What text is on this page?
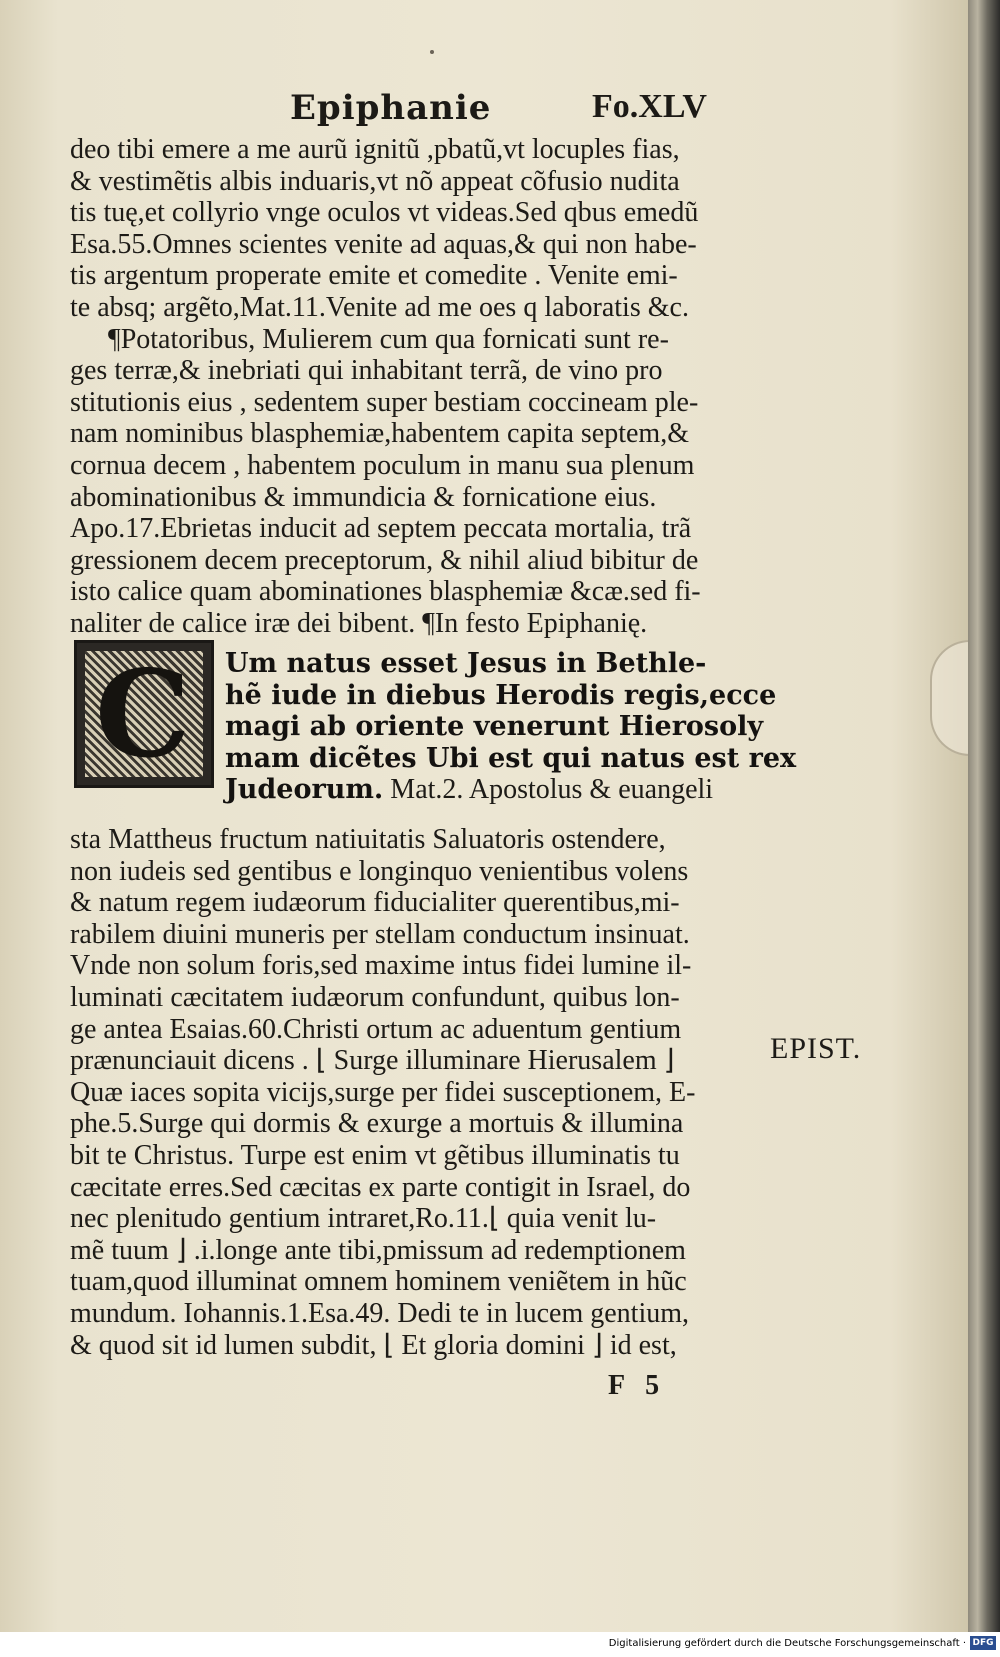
Epiphanie	Fo.XLV
deo tibi emere a me aurũ ignitũ ,pbatũ,vt locuples fias,
& vestimẽtis albis induaris,vt nõ appeat cõfusio nudita
tis tuę,et collyrio vnge oculos vt videas.Sed qbus emedũ
Esa.55.Omnes scientes venite ad aquas,& qui non habe-
tis argentum properate emite et comedite . Venite emi-
te absq; argẽto,Mat.11.Venite ad me oes q laboratis &c.
¶Potatoribus, Mulierem cum qua fornicati sunt re-
ges terræ,& inebriati qui inhabitant terrã, de vino pro
stitutionis eius , sedentem super bestiam coccineam ple-
nam nominibus blasphemiæ,habentem capita septem,&
cornua decem , habentem poculum in manu sua plenum
abominationibus & immundicia & fornicatione eius.
Apo.17.Ebrietas inducit ad septem peccata mortalia, trã
gressionem decem preceptorum, & nihil aliud bibitur de
isto calice quam abominationes blasphemiæ &cæ.sed fi-
naliter de calice iræ dei bibent. ¶In festo Epiphanię.
C Um natus esset Jesus in Bethle-
hẽ iude in diebus Herodis regis,ecce
magi ab oriente venerunt Hierosoly
mam dicẽtes Ubi est qui natus est rex
Judeorum. Mat.2. Apostolus & euangeli
sta Mattheus fructum natiuitatis Saluatoris ostendere,
non iudeis sed gentibus e longinquo venientibus volens
& natum regem iudæorum fiducialiter querentibus,mi-
rabilem diuini muneris per stellam conductum insinuat.
Vnde non solum foris,sed maxime intus fidei lumine il-
luminati cæcitatem iudæorum confundunt, quibus lon-
ge antea Esaias.60.Christi ortum ac aduentum gentium
prænunciauit dicens . ⌊ Surge illuminare Hierusalem ⌋
Quæ iaces sopita vicijs,surge per fidei susceptionem, E-
phe.5.Surge qui dormis & exurge a mortuis & illumina
bit te Christus. Turpe est enim vt gẽtibus illuminatis tu
cæcitate erres.Sed cæcitas ex parte contigit in Israel, do
nec plenitudo gentium intraret,Ro.11.⌊ quia venit lu-
mẽ tuum ⌋ .i.longe ante tibi,pmissum ad redemptionem
tuam,quod illuminat omnem hominem veniẽtem in hũc
mundum. Iohannis.1.Esa.49. Dedi te in lucem gentium,
& quod sit id lumen subdit, ⌊ Et gloria domini ⌋ id est,
EPIST.
F 5
Digitalisierung gefördert durch die Deutsche Forschungsgemeinschaft · DFG
